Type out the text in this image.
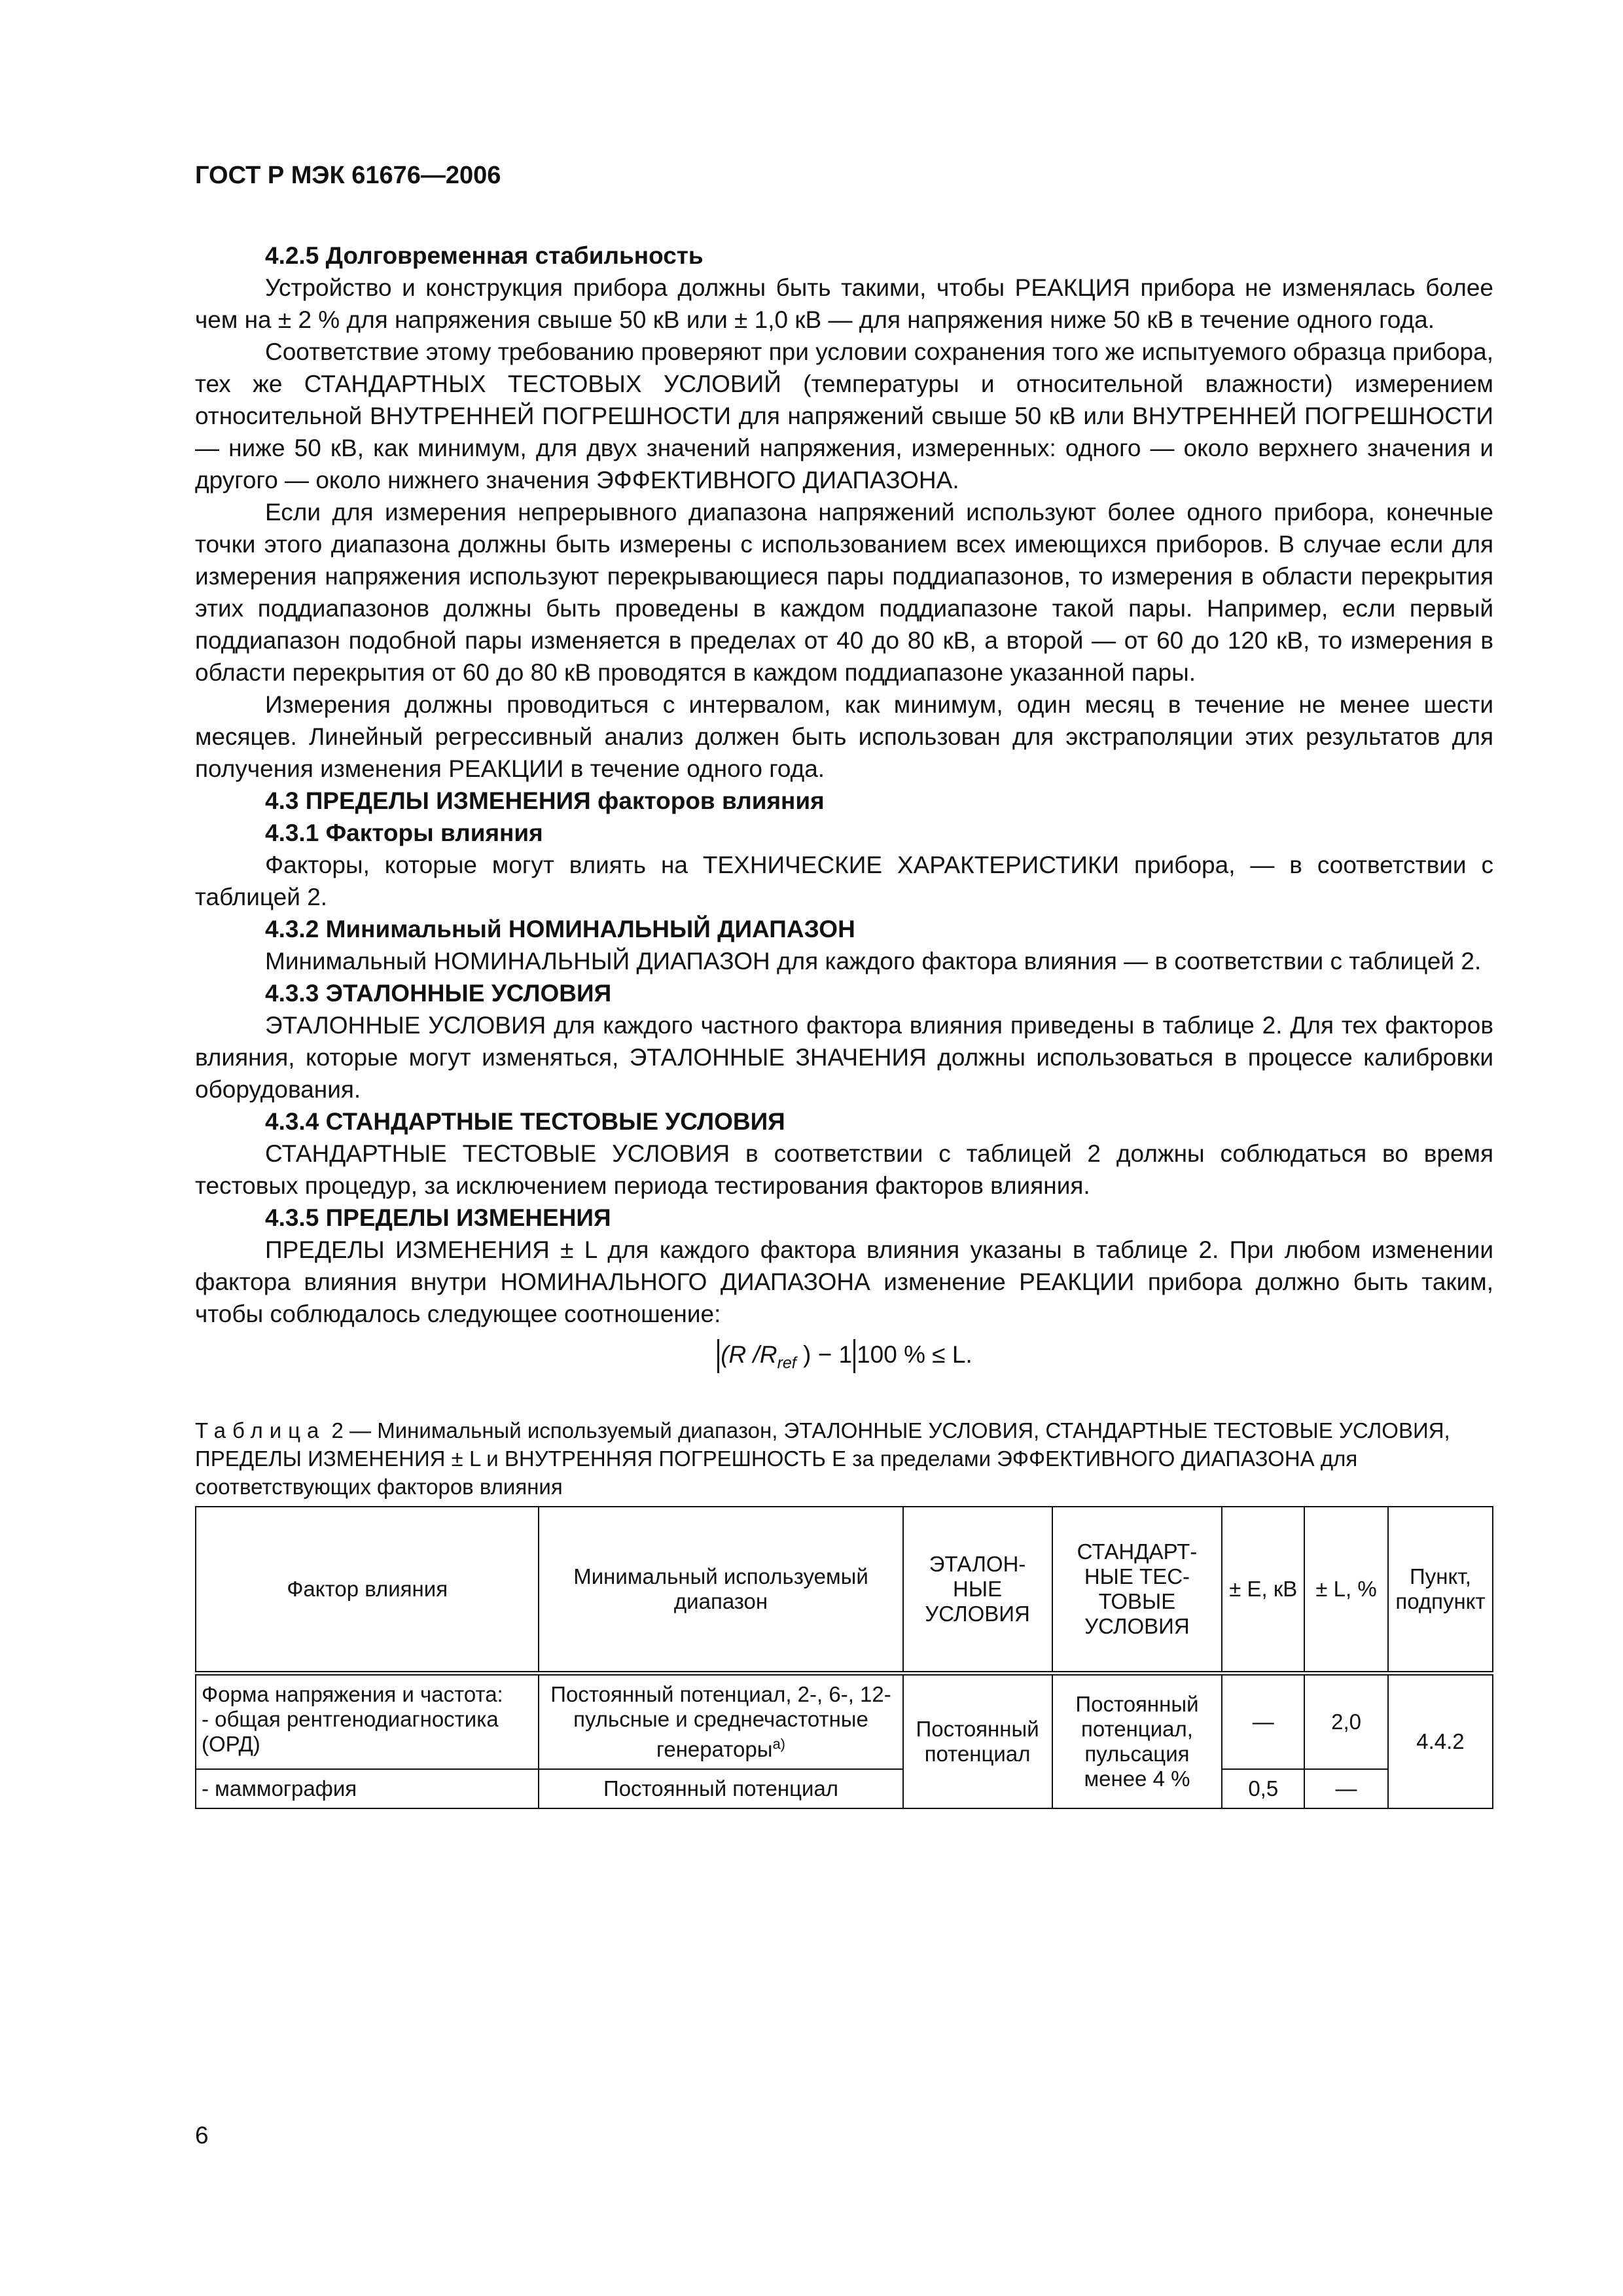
ГОСТ Р МЭК 61676—2006

4.2.5 Долговременная стабильность

Устройство и конструкция прибора должны быть такими, чтобы РЕАКЦИЯ прибора не изменялась более чем на ± 2 % для напряжения свыше 50 кВ или ± 1,0 кВ — для напряжения ниже 50 кВ в течение одного года.

Соответствие этому требованию проверяют при условии сохранения того же испытуемого образца прибора, тех же СТАНДАРТНЫХ ТЕСТОВЫХ УСЛОВИЙ (температуры и относительной влажности) измерением относительной ВНУТРЕННЕЙ ПОГРЕШНОСТИ для напряжений свыше 50 кВ или ВНУТРЕННЕЙ ПОГРЕШНОСТИ — ниже 50 кВ, как минимум, для двух значений напряжения, измеренных: одного — около верхнего значения и другого — около нижнего значения ЭФФЕКТИВНОГО ДИАПАЗОНА.

Если для измерения непрерывного диапазона напряжений используют более одного прибора, конечные точки этого диапазона должны быть измерены с использованием всех имеющихся приборов. В случае если для измерения напряжения используют перекрывающиеся пары поддиапазонов, то измерения в области перекрытия этих поддиапазонов должны быть проведены в каждом поддиапазоне такой пары. Например, если первый поддиапазон подобной пары изменяется в пределах от 40 до 80 кВ, а второй — от 60 до 120 кВ, то измерения в области перекрытия от 60 до 80 кВ проводятся в каждом поддиапазоне указанной пары.

Измерения должны проводиться с интервалом, как минимум, один месяц в течение не менее шести месяцев. Линейный регрессивный анализ должен быть использован для экстраполяции этих результатов для получения изменения РЕАКЦИИ в течение одного года.

4.3 ПРЕДЕЛЫ ИЗМЕНЕНИЯ факторов влияния

4.3.1 Факторы влияния

Факторы, которые могут влиять на ТЕХНИЧЕСКИЕ ХАРАКТЕРИСТИКИ прибора, — в соответствии с таблицей 2.

4.3.2 Минимальный НОМИНАЛЬНЫЙ ДИАПАЗОН

Минимальный НОМИНАЛЬНЫЙ ДИАПАЗОН для каждого фактора влияния — в соответствии с таблицей 2.

4.3.3 ЭТАЛОННЫЕ УСЛОВИЯ

ЭТАЛОННЫЕ УСЛОВИЯ для каждого частного фактора влияния приведены в таблице 2. Для тех факторов влияния, которые могут изменяться, ЭТАЛОННЫЕ ЗНАЧЕНИЯ должны использоваться в процессе калибровки оборудования.

4.3.4 СТАНДАРТНЫЕ ТЕСТОВЫЕ УСЛОВИЯ

СТАНДАРТНЫЕ ТЕСТОВЫЕ УСЛОВИЯ в соответствии с таблицей 2 должны соблюдаться во время тестовых процедур, за исключением периода тестирования факторов влияния.

4.3.5 ПРЕДЕЛЫ ИЗМЕНЕНИЯ

ПРЕДЕЛЫ ИЗМЕНЕНИЯ ± L для каждого фактора влияния указаны в таблице 2. При любом изменении фактора влияния внутри НОМИНАЛЬНОГО ДИАПАЗОНА изменение РЕАКЦИИ прибора должно быть таким, чтобы соблюдалось следующее соотношение:

(R $/R_{ref}$ ) − 1 100 % ≤ L.
Таблица 2 — Минимальный используемый диапазон, ЭТАЛОННЫЕ УСЛОВИЯ, СТАНДАРТНЫЕ ТЕСТОВЫЕ УСЛОВИЯ, ПРЕДЕЛЫ ИЗМЕНЕНИЯ ± L и ВНУТРЕННЯЯ ПОГРЕШНОСТЬ E за пределами ЭФФЕКТИВНОГО ДИАПАЗОНА для соответствующих факторов влияния
Фактор влияния	Минимальный используемый диапазон	ЭТАЛОН-НЫЕ УСЛОВИЯ	СТАНДАРТ-НЫЕ ТЕС-ТОВЫЕ УСЛОВИЯ	± E, кВ	± L, %	Пункт, подпункт
Форма напряжения и частота:
- общая рентгенодиагностика (ОРД)	Постоянный потенциал, 2-, 6-, 12-пульсные и среднечастотные генераторы$^{а)}$	Постоянный потенциал	Постоянный потенциал, пульсация менее 4 %	—	2,0	4.4.2
- маммография	Постоянный потенциал			0,5	—	
6
